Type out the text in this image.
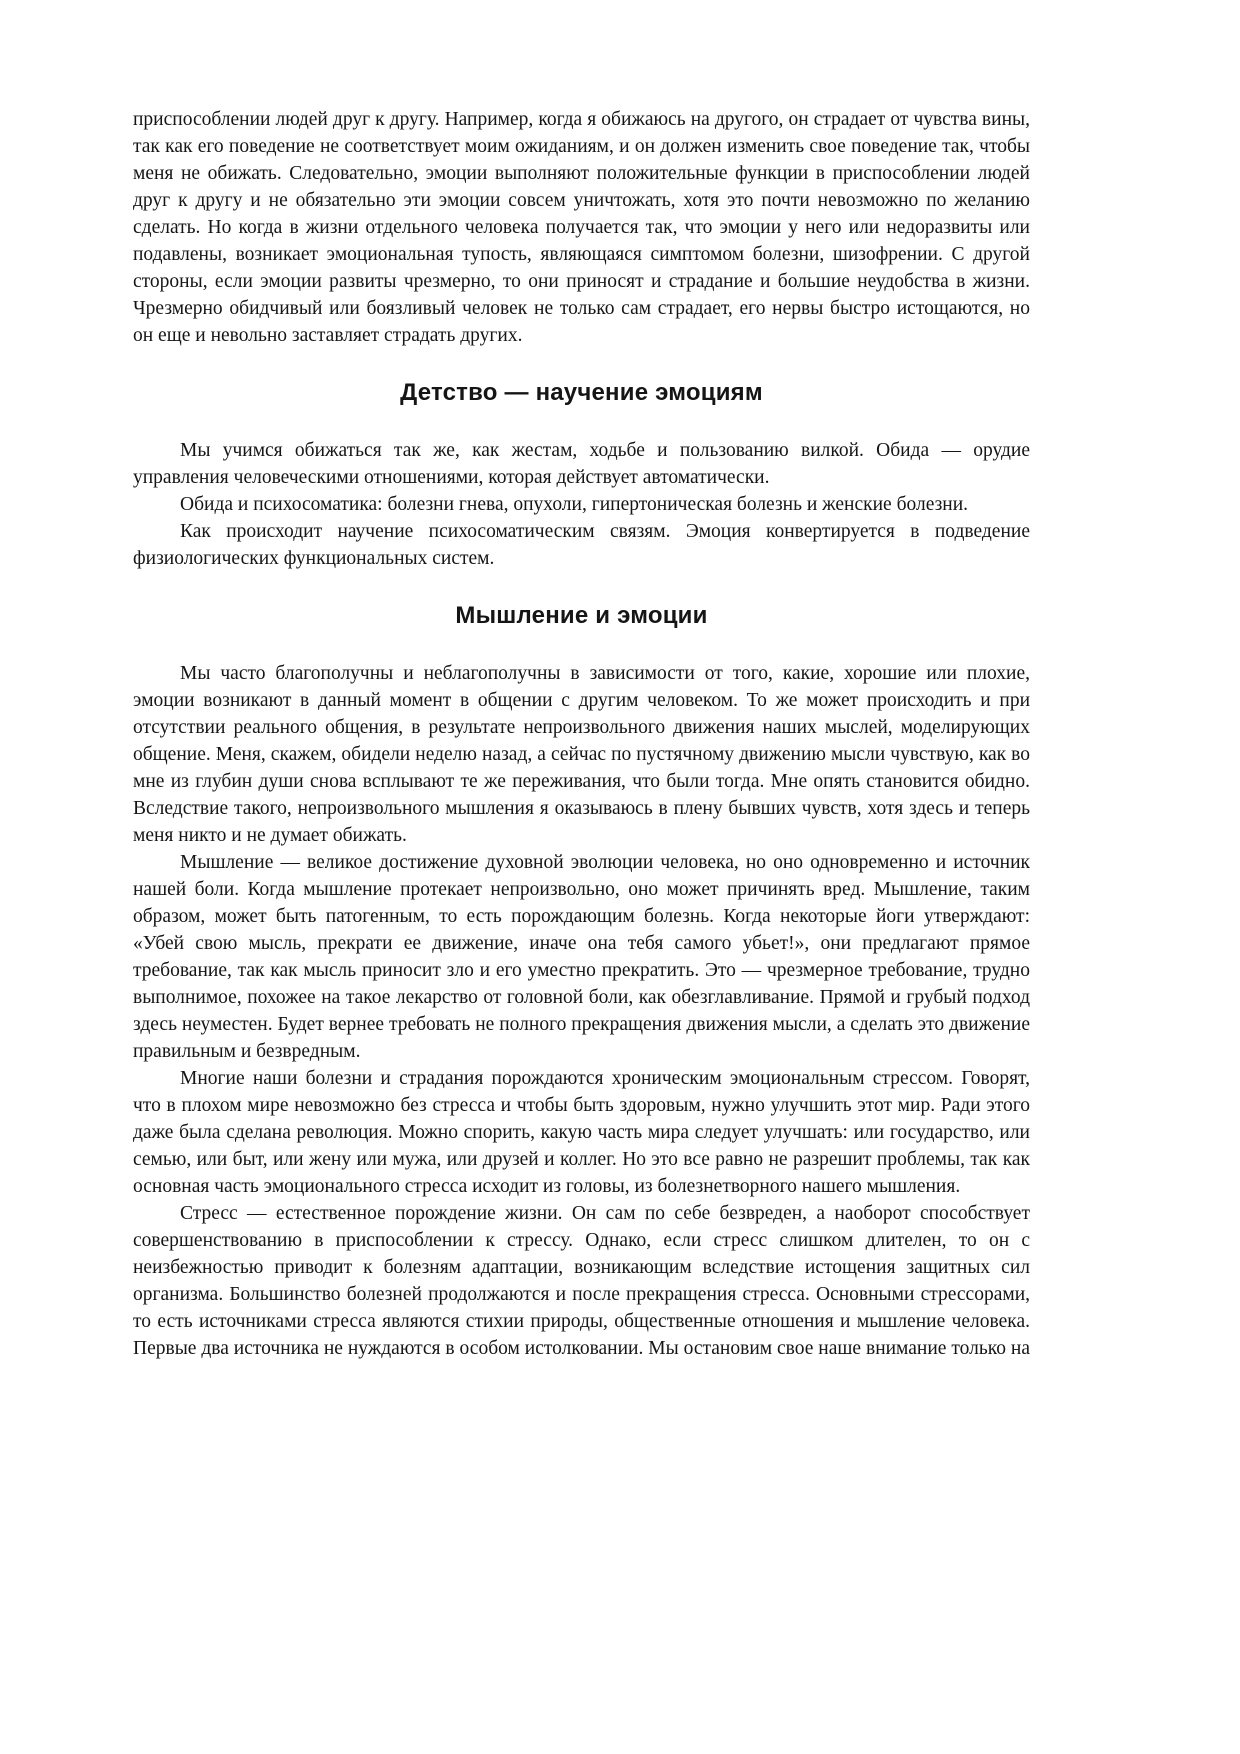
приспособлении людей друг к другу. Например, когда я обижаюсь на другого, он страдает от чувства вины, так как его поведение не соответствует моим ожиданиям, и он должен изменить свое поведение так, чтобы меня не обижать. Следовательно, эмоции выполняют положительные функции в приспособлении людей друг к другу и не обязательно эти эмоции совсем уничтожать, хотя это почти невозможно по желанию сделать. Но когда в жизни отдельного человека получается так, что эмоции у него или недоразвиты или подавлены, возникает эмоциональная тупость, являющаяся симптомом болезни, шизофрении. С другой стороны, если эмоции развиты чрезмерно, то они приносят и страдание и большие неудобства в жизни. Чрезмерно обидчивый или боязливый человек не только сам страдает, его нервы быстро истощаются, но он еще и невольно заставляет страдать других.

Детство — научение эмоциям

Мы учимся обижаться так же, как жестам, ходьбе и пользованию вилкой. Обида — орудие управления человеческими отношениями, которая действует автоматически.

Обида и психосоматика: болезни гнева, опухоли, гипертоническая болезнь и женские болезни.

Как происходит научение психосоматическим связям. Эмоция конвертируется в подведение физиологических функциональных систем.

Мышление и эмоции

Мы часто благополучны и неблагополучны в зависимости от того, какие, хорошие или плохие, эмоции возникают в данный момент в общении с другим человеком. То же может происходить и при отсутствии реального общения, в результате непроизвольного движения наших мыслей, моделирующих общение. Меня, скажем, обидели неделю назад, а сейчас по пустячному движению мысли чувствую, как во мне из глубин души снова всплывают те же переживания, что были тогда. Мне опять становится обидно. Вследствие такого, непроизвольного мышления я оказываюсь в плену бывших чувств, хотя здесь и теперь меня никто и не думает обижать.

Мышление — великое достижение духовной эволюции человека, но оно одновременно и источник нашей боли. Когда мышление протекает непроизвольно, оно может причинять вред. Мышление, таким образом, может быть патогенным, то есть порождающим болезнь. Когда некоторые йоги утверждают: «Убей свою мысль, прекрати ее движение, иначе она тебя самого убьет!», они предлагают прямое требование, так как мысль приносит зло и его уместно прекратить. Это — чрезмерное требование, трудно выполнимое, похожее на такое лекарство от головной боли, как обезглавливание. Прямой и грубый подход здесь неуместен. Будет вернее требовать не полного прекращения движения мысли, а сделать это движение правильным и безвредным.

Многие наши болезни и страдания порождаются хроническим эмоциональным стрессом. Говорят, что в плохом мире невозможно без стресса и чтобы быть здоровым, нужно улучшить этот мир. Ради этого даже была сделана революция. Можно спорить, какую часть мира следует улучшать: или государство, или семью, или быт, или жену или мужа, или друзей и коллег. Но это все равно не разрешит проблемы, так как основная часть эмоционального стресса исходит из головы, из болезнетворного нашего мышления.

Стресс — естественное порождение жизни. Он сам по себе безвреден, а наоборот способствует совершенствованию в приспособлении к стрессу. Однако, если стресс слишком длителен, то он с неизбежностью приводит к болезням адаптации, возникающим вследствие истощения защитных сил организма. Большинство болезней продолжаются и после прекращения стресса. Основными стрессорами, то есть источниками стресса являются стихии природы, общественные отношения и мышление человека. Первые два источника не нуждаются в особом истолковании. Мы остановим свое наше внимание только на
